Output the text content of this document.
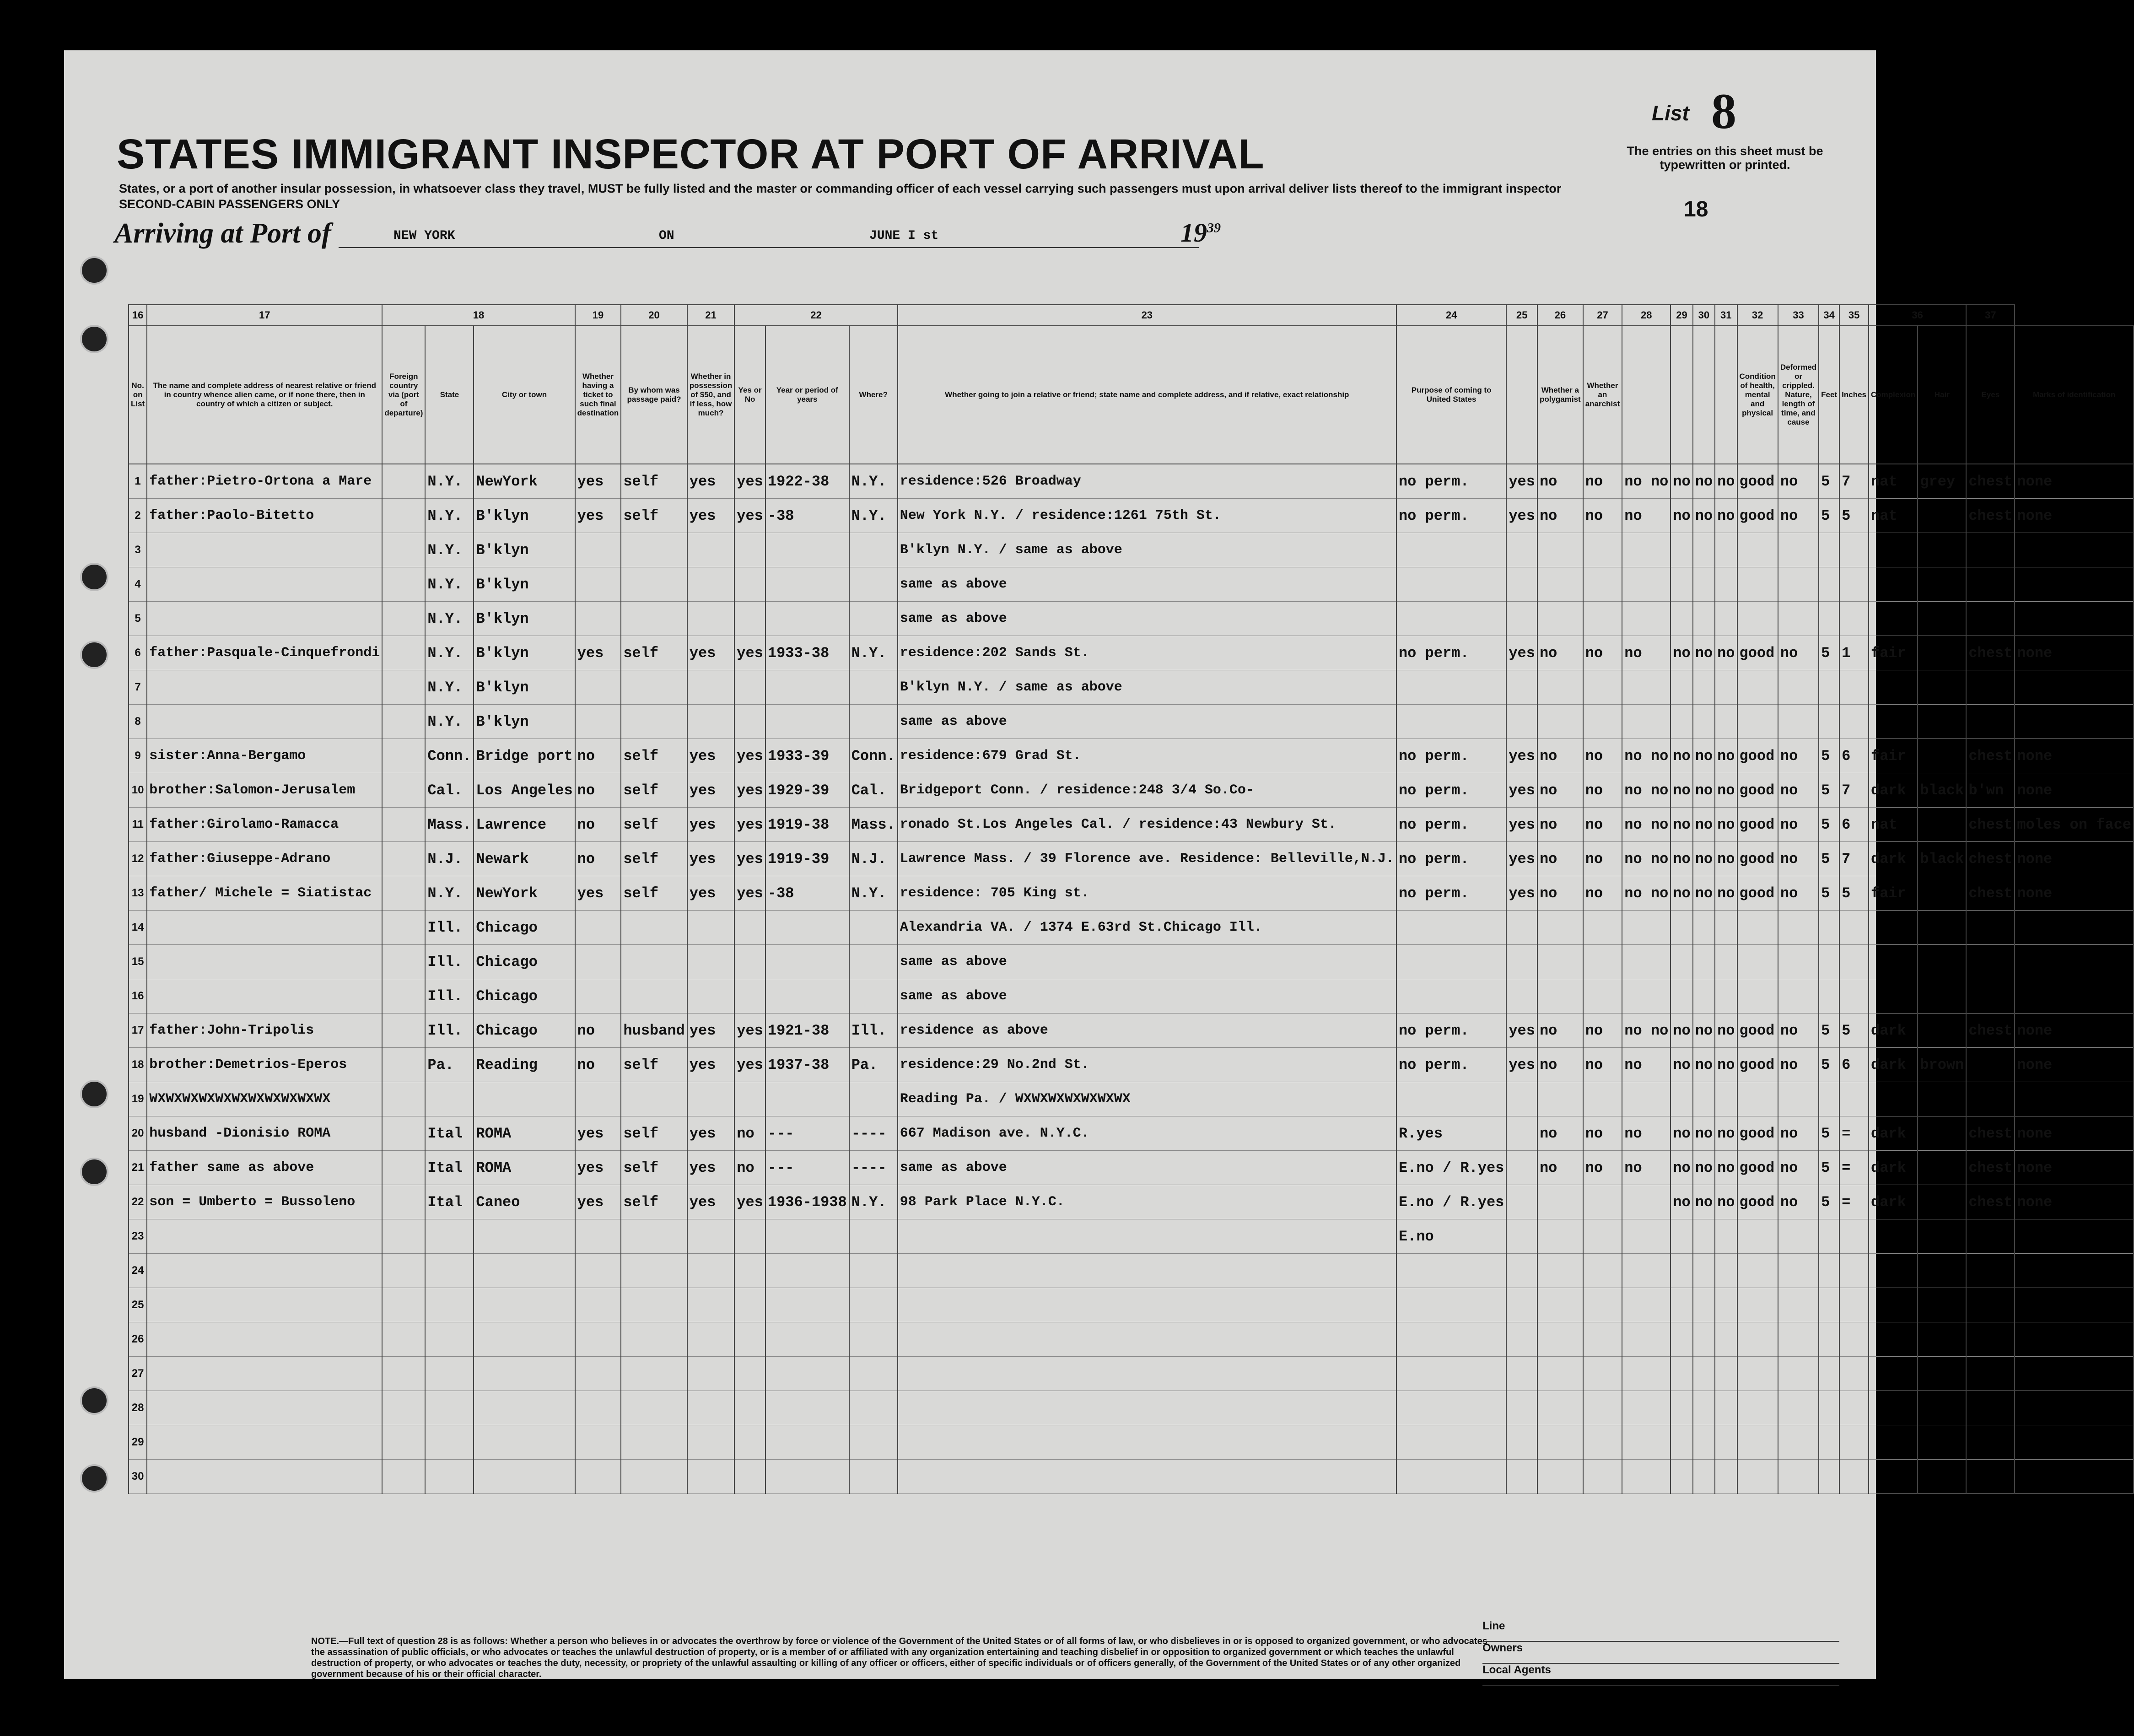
STATES IMMIGRANT INSPECTOR AT PORT OF ARRIVAL
States, or a port of another insular possession, in whatsoever class they travel, MUST be fully listed and the master or commanding officer of each vessel carrying such passengers must upon arrival deliver lists thereof to the immigrant inspector
SECOND-CABIN PASSENGERS ONLY
Arriving at Port of	NEW YORK	ON	JUNE I st	$19^{39}$
List 8
The entries on this sheet must be typewritten or printed.
18
16	17	18			19	20	21	22			23	24	25	26	27	28	29	30	31	32	33	34	35	36		37	
No. on List	The name and complete address of nearest relative or friend in country whence alien came, or if none there, then in country of which a citizen or subject.	Foreign country via (port of departure)	State	City or town	Whether having a ticket to such final destination	By whom was passage paid?	Whether in possession of $50, and if less, how much?	Yes or No	Year or period of years	Where?	Whether going to join a relative or friend; state name and complete address, and if relative, exact relationship	Purpose of coming to United States		Whether a polygamist	Whether an anarchist					Condition of health, mental and physical	Deformed or crippled. Nature, length of time, and cause	Feet	Inches	Complexion	Hair	Eyes	Marks of identification
1	father:Pietro-Ortona a Mare		N.Y.	NewYork	yes	self	yes	yes	1922-38	N.Y.	residence:526 Broadway	no perm.	yes	no	no	no no	no	no	no	good	no	5	7	nat	grey	chest	none
2	father:Paolo-Bitetto		N.Y.	B'klyn	yes	self	yes	yes	-38	N.Y.	New York N.Y. / residence:1261 75th St.	no perm.	yes	no	no	no	no	no	no	good	no	5	5	nat		chest	none
3			N.Y.	B'klyn							B'klyn N.Y. / same as above																
4			N.Y.	B'klyn							same as above																
5			N.Y.	B'klyn							same as above																
6	father:Pasquale-Cinquefrondi		N.Y.	B'klyn	yes	self	yes	yes	1933-38	N.Y.	residence:202 Sands St.	no perm.	yes	no	no	no	no	no	no	good	no	5	1	fair		chest	none
7			N.Y.	B'klyn							B'klyn N.Y. / same as above																
8			N.Y.	B'klyn							same as above																
9	sister:Anna-Bergamo		Conn.	Bridge port	no	self	yes	yes	1933-39	Conn.	residence:679 Grad St.	no perm.	yes	no	no	no no	no	no	no	good	no	5	6	fair		chest	none
10	brother:Salomon-Jerusalem		Cal.	Los Angeles	no	self	yes	yes	1929-39	Cal.	Bridgeport Conn. / residence:248 3/4 So.Co-	no perm.	yes	no	no	no no	no	no	no	good	no	5	7	dark	black	b'wn	none
11	father:Girolamo-Ramacca		Mass.	Lawrence	no	self	yes	yes	1919-38	Mass.	ronado St.Los Angeles Cal. / residence:43 Newbury St.	no perm.	yes	no	no	no no	no	no	no	good	no	5	6	nat		chest	moles on face
12	father:Giuseppe-Adrano		N.J.	Newark	no	self	yes	yes	1919-39	N.J.	Lawrence Mass. / 39 Florence ave. Residence: Belleville,N.J.	no perm.	yes	no	no	no no	no	no	no	good	no	5	7	dark	black	chest	none
13	father/ Michele = Siatistac		N.Y.	NewYork	yes	self	yes	yes	-38	N.Y.	residence: 705 King st.	no perm.	yes	no	no	no no	no	no	no	good	no	5	5	fair		chest	none
14			Ill.	Chicago							Alexandria VA. / 1374 E.63rd St.Chicago Ill.																
15			Ill.	Chicago							same as above																
16			Ill.	Chicago							same as above																
17	father:John-Tripolis		Ill.	Chicago	no	husband	yes	yes	1921-38	Ill.	residence as above	no perm.	yes	no	no	no no	no	no	no	good	no	5	5	dark		chest	none
18	brother:Demetrios-Eperos		Pa.	Reading	no	self	yes	yes	1937-38	Pa.	residence:29 No.2nd St.	no perm.	yes	no	no	no	no	no	no	good	no	5	6	dark	brown		none
19	WXWXWXWXWXWXWXWXWXWXWX										Reading Pa. / WXWXWXWXWXWXWX																
20	husband -Dionisio ROMA		Ital	ROMA	yes	self	yes	no	---	----	667 Madison ave. N.Y.C.	R.yes		no	no	no	no	no	no	good	no	5	=	dark		chest	none
21	father same as above		Ital	ROMA	yes	self	yes	no	---	----	same as above	E.no / R.yes		no	no	no	no	no	no	good	no	5	=	dark		chest	none
22	son = Umberto = Bussoleno		Ital	Caneo	yes	self	yes	yes	1936-1938	N.Y.	98 Park Place N.Y.C.	E.no / R.yes					no	no	no	good	no	5	=	dark		chest	none
23												E.no															
24																											
25																											
26																											
27																											
28																											
29																											
30																											
NOTE.—Full text of question 28 is as follows: Whether a person who believes in or advocates the overthrow by force or violence of the Government of the United States or of all forms of law, or who disbelieves in or is opposed to organized government, or who advocates the assassination of public officials, or who advocates or teaches the unlawful destruction of property, or is a member of or affiliated with any organization entertaining and teaching disbelief in or opposition to organized government or which teaches the unlawful destruction of property, or who advocates or teaches the duty, necessity, or propriety of the unlawful assaulting or killing of any officer or officers, either of specific individuals or of officers generally, of the Government of the United States or of any other organized government because of his or their official character.
Line
Owners
Local Agents
